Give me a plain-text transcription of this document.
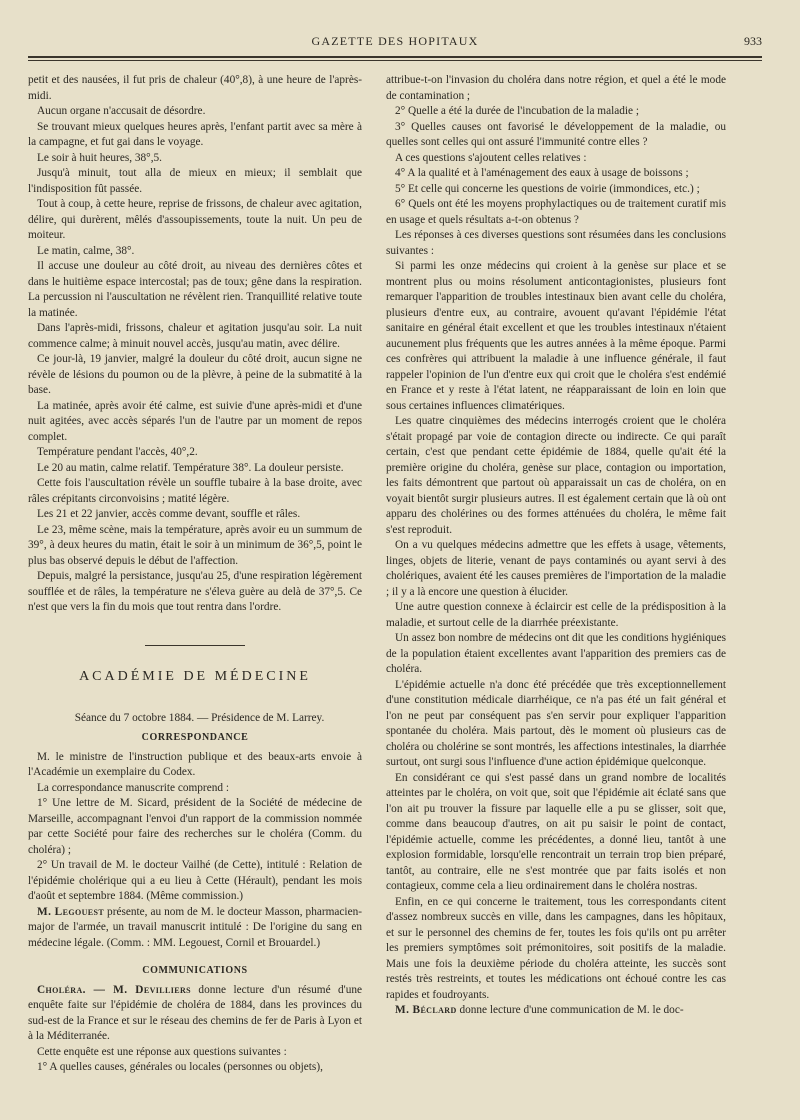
GAZETTE DES HOPITAUX	933

petit et des nausées, il fut pris de chaleur (40°,8), à une heure de l'après-midi.

Aucun organe n'accusait de désordre.

Se trouvant mieux quelques heures après, l'enfant partit avec sa mère à la campagne, et fut gai dans le voyage.

Le soir à huit heures, 38°,5.

Jusqu'à minuit, tout alla de mieux en mieux; il semblait que l'indisposition fût passée.

Tout à coup, à cette heure, reprise de frissons, de chaleur avec agitation, délire, qui durèrent, mêlés d'assoupissements, toute la nuit. Un peu de moiteur.

Le matin, calme, 38°.

Il accuse une douleur au côté droit, au niveau des dernières côtes et dans le huitième espace intercostal; pas de toux; gêne dans la respiration. La percussion ni l'auscultation ne révèlent rien. Tranquillité relative toute la matinée.

Dans l'après-midi, frissons, chaleur et agitation jusqu'au soir. La nuit commence calme; à minuit nouvel accès, jusqu'au matin, avec délire.

Ce jour-là, 19 janvier, malgré la douleur du côté droit, aucun signe ne révèle de lésions du poumon ou de la plèvre, à peine de la submatité à la base.

La matinée, après avoir été calme, est suivie d'une après-midi et d'une nuit agitées, avec accès séparés l'un de l'autre par un moment de repos complet.

Température pendant l'accès, 40°,2.

Le 20 au matin, calme relatif. Température 38°. La douleur persiste.

Cette fois l'auscultation révèle un souffle tubaire à la base droite, avec râles crépitants circonvoisins ; matité légère.

Les 21 et 22 janvier, accès comme devant, souffle et râles.

Le 23, même scène, mais la température, après avoir eu un summum de 39°, à deux heures du matin, était le soir à un minimum de 36°,5, point le plus bas observé depuis le début de l'affection.

Depuis, malgré la persistance, jusqu'au 25, d'une respiration légèrement soufflée et de râles, la température ne s'éleva guère au delà de 37°,5. Ce n'est que vers la fin du mois que tout rentra dans l'ordre.

ACADÉMIE DE MÉDECINE

Séance du 7 octobre 1884. — Présidence de M. Larrey.

CORRESPONDANCE

M. le ministre de l'instruction publique et des beaux-arts envoie à l'Académie un exemplaire du Codex.

La correspondance manuscrite comprend :

1° Une lettre de M. Sicard, président de la Société de médecine de Marseille, accompagnant l'envoi d'un rapport de la commission nommée par cette Société pour faire des recherches sur le choléra (Comm. du choléra) ;

2° Un travail de M. le docteur Vailhé (de Cette), intitulé : Relation de l'épidémie cholérique qui a eu lieu à Cette (Hérault), pendant les mois d'août et septembre 1884. (Même commission.)

M. Legouest présente, au nom de M. le docteur Masson, pharmacien-major de l'armée, un travail manuscrit intitulé : De l'origine du sang en médecine légale. (Comm. : MM. Legouest, Cornil et Brouardel.)

COMMUNICATIONS

Choléra. — M. Devilliers donne lecture d'un résumé d'une enquête faite sur l'épidémie de choléra de 1884, dans les provinces du sud-est de la France et sur le réseau des chemins de fer de Paris à Lyon et à la Méditerranée.

Cette enquête est une réponse aux questions suivantes :

1° A quelles causes, générales ou locales (personnes ou objets),

attribue-t-on l'invasion du choléra dans notre région, et quel a été le mode de contamination ;

2° Quelle a été la durée de l'incubation de la maladie ;

3° Quelles causes ont favorisé le développement de la maladie, ou quelles sont celles qui ont assuré l'immunité contre elles ?

A ces questions s'ajoutent celles relatives :

4° A la qualité et à l'aménagement des eaux à usage de boissons ;

5° Et celle qui concerne les questions de voirie (immondices, etc.) ;

6° Quels ont été les moyens prophylactiques ou de traitement curatif mis en usage et quels résultats a-t-on obtenus ?

Les réponses à ces diverses questions sont résumées dans les conclusions suivantes :

Si parmi les onze médecins qui croient à la genèse sur place et se montrent plus ou moins résolument anticontagionistes, plusieurs font remarquer l'apparition de troubles intestinaux bien avant celle du choléra, plusieurs d'entre eux, au contraire, avouent qu'avant l'épidémie l'état sanitaire en général était excellent et que les troubles intestinaux n'étaient aucunement plus fréquents que les autres années à la même époque. Parmi ces confrères qui attribuent la maladie à une influence générale, il faut rappeler l'opinion de l'un d'entre eux qui croit que le choléra s'est endémié en France et y reste à l'état latent, ne réapparaissant de loin en loin que sous certaines influences climatériques.

Les quatre cinquièmes des médecins interrogés croient que le choléra s'était propagé par voie de contagion directe ou indirecte. Ce qui paraît certain, c'est que pendant cette épidémie de 1884, quelle qu'ait été la première origine du choléra, genèse sur place, contagion ou importation, les faits démontrent que partout où apparaissait un cas de choléra, on en voyait bientôt surgir plusieurs autres. Il est également certain que là où ont apparu des cholérines ou des formes atténuées du choléra, le même fait s'est reproduit.

On a vu quelques médecins admettre que les effets à usage, vêtements, linges, objets de literie, venant de pays contaminés ou ayant servi à des cholériques, avaient été les causes premières de l'importation de la maladie ; il y a là encore une question à élucider.

Une autre question connexe à éclaircir est celle de la prédisposition à la maladie, et surtout celle de la diarrhée préexistante.

Un assez bon nombre de médecins ont dit que les conditions hygiéniques de la population étaient excellentes avant l'apparition des premiers cas de choléra.

L'épidémie actuelle n'a donc été précédée que très exceptionnellement d'une constitution médicale diarrhéique, ce n'a pas été un fait général et l'on ne peut par conséquent pas s'en servir pour expliquer l'apparition spontanée du choléra. Mais partout, dès le moment où plusieurs cas de choléra ou cholérine se sont montrés, les affections intestinales, la diarrhée surtout, ont surgi sous l'influence d'une action épidémique quelconque.

En considérant ce qui s'est passé dans un grand nombre de localités atteintes par le choléra, on voit que, soit que l'épidémie ait éclaté sans que l'on ait pu trouver la fissure par laquelle elle a pu se glisser, soit que, comme dans beaucoup d'autres, on ait pu saisir le point de contact, l'épidémie actuelle, comme les précédentes, a donné lieu, tantôt à une explosion formidable, lorsqu'elle rencontrait un terrain trop bien préparé, tantôt, au contraire, elle ne s'est montrée que par faits isolés et non contagieux, comme cela a lieu ordinairement dans le choléra nostras.

Enfin, en ce qui concerne le traitement, tous les correspondants citent d'assez nombreux succès en ville, dans les campagnes, dans les hôpitaux, et sur le personnel des chemins de fer, toutes les fois qu'ils ont pu arrêter les premiers symptômes soit prémonitoires, soit positifs de la maladie. Mais une fois la deuxième période du choléra atteinte, les succès sont restés très restreints, et toutes les médications ont échoué contre les cas rapides et foudroyants.

M. Béclard donne lecture d'une communication de M. le doc-
